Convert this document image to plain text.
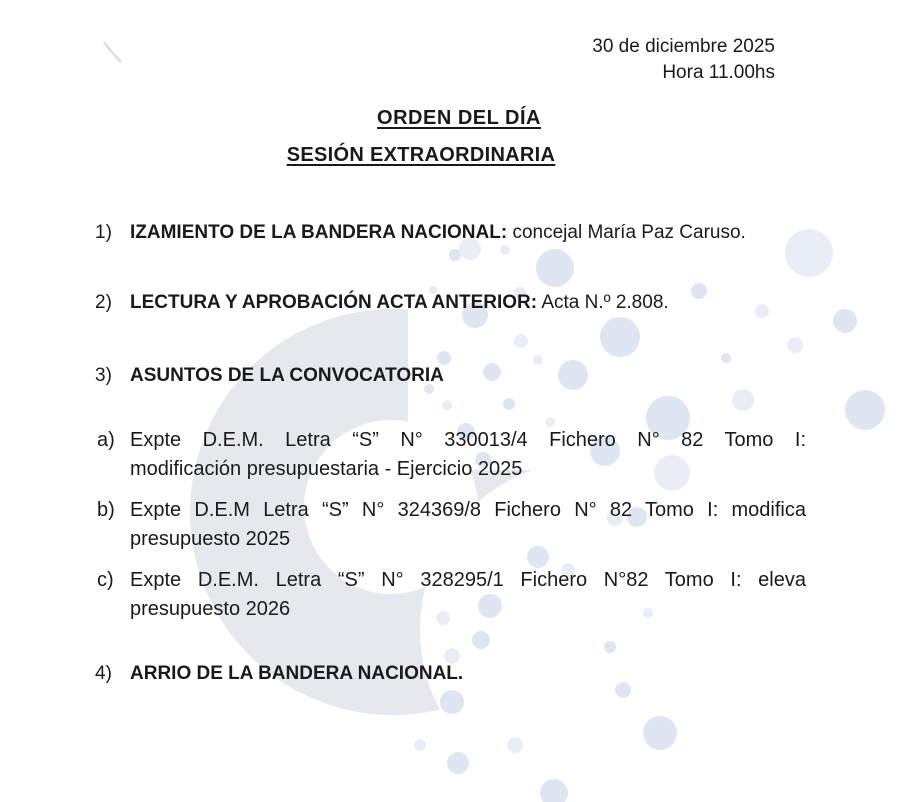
30 de diciembre 2025
Hora 11.00hs
ORDEN DEL DÍA
SESIÓN EXTRAORDINARIA
1) IZAMIENTO DE LA BANDERA NACIONAL: concejal María Paz Caruso.
2) LECTURA Y APROBACIÓN ACTA ANTERIOR: Acta N.º 2.808.
3) ASUNTOS DE LA CONVOCATORIA
a) Expte D.E.M. Letra “S” N° 330013/4 Fichero N° 82 Tomo I:
modificación presupuestaria - Ejercicio 2025
b) Expte D.E.M Letra “S” N° 324369/8 Fichero N° 82 Tomo I: modifica
presupuesto 2025
c) Expte D.E.M. Letra “S” N° 328295/1 Fichero N°82 Tomo I: eleva
presupuesto 2026
4) ARRIO DE LA BANDERA NACIONAL.
